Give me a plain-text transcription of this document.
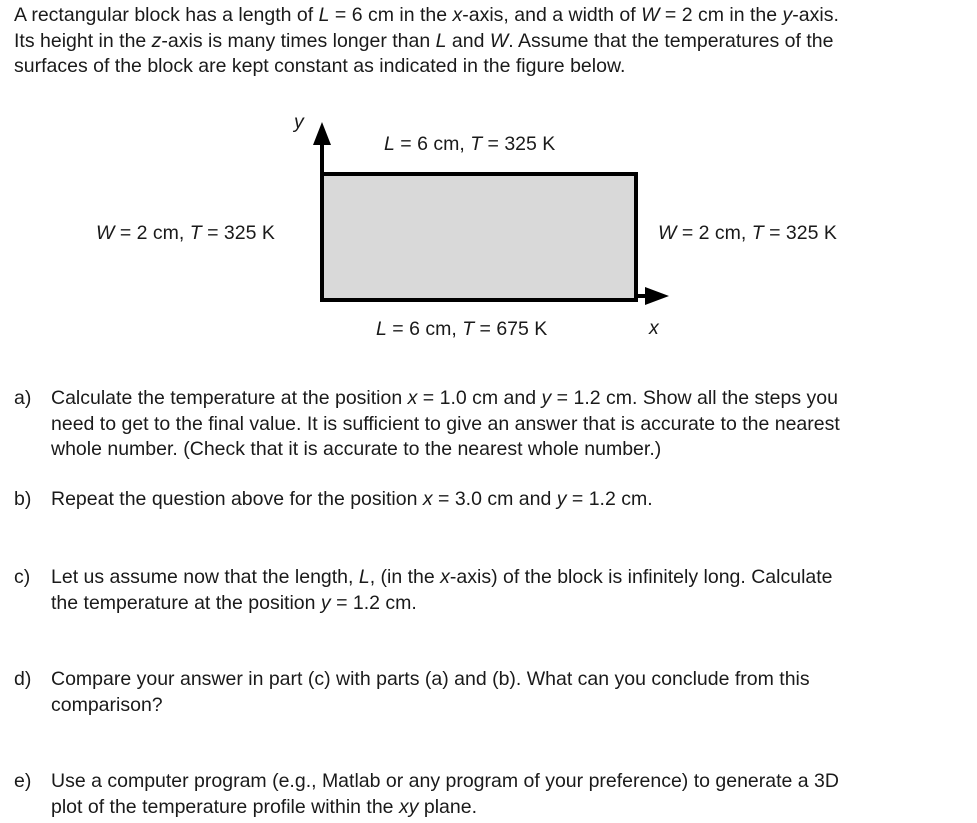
A rectangular block has a length of L = 6 cm in the x-axis, and a width of W = 2 cm in the y-axis.
Its height in the z-axis is many times longer than L and W. Assume that the temperatures of the
surfaces of the block are kept constant as indicated in the figure below.
y
x
L = 6 cm, T = 325 K
W = 2 cm, T = 325 K	W = 2 cm, T = 325 K
L = 6 cm, T = 675 K
a) Calculate the temperature at the position x = 1.0 cm and y = 1.2 cm. Show all the steps you
need to get to the final value. It is sufficient to give an answer that is accurate to the nearest
whole number. (Check that it is accurate to the nearest whole number.)
b) Repeat the question above for the position x = 3.0 cm and y = 1.2 cm.
c) Let us assume now that the length, L, (in the x-axis) of the block is infinitely long. Calculate
the temperature at the position y = 1.2 cm.
d) Compare your answer in part (c) with parts (a) and (b). What can you conclude from this
comparison?
e) Use a computer program (e.g., Matlab or any program of your preference) to generate a 3D
plot of the temperature profile within the xy plane.
